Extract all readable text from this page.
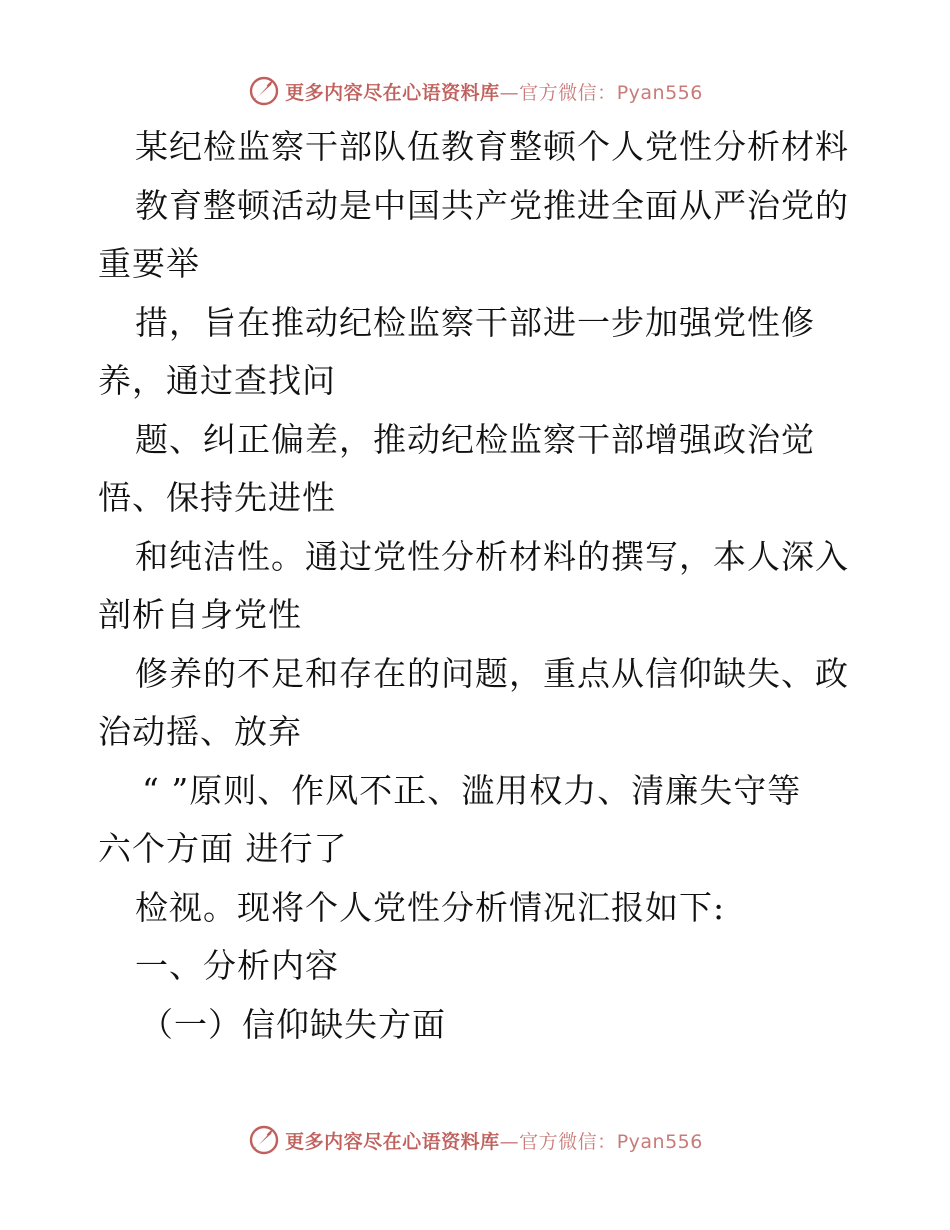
更多内容尽在心语资料库—官方微信：Pyan556
某纪检监察干部队伍教育整顿个人党性分析材料
教育整顿活动是中国共产党推进全面从严治党的
重要举
措，旨在推动纪检监察干部进一步加强党性修
养，通过查找问
题、纠正偏差，推动纪检监察干部增强政治觉
悟、保持先进性
和纯洁性。通过党性分析材料的撰写，本人深入
剖析自身党性
修养的不足和存在的问题，重点从信仰缺失、政
治动摇、放弃
“ ”原则、作风不正、滥用权力、清廉失守等
六个方面 进行了
检视。现将个人党性分析情况汇报如下:
一、分析内容
（一）信仰缺失方面
更多内容尽在心语资料库—官方微信：Pyan556
